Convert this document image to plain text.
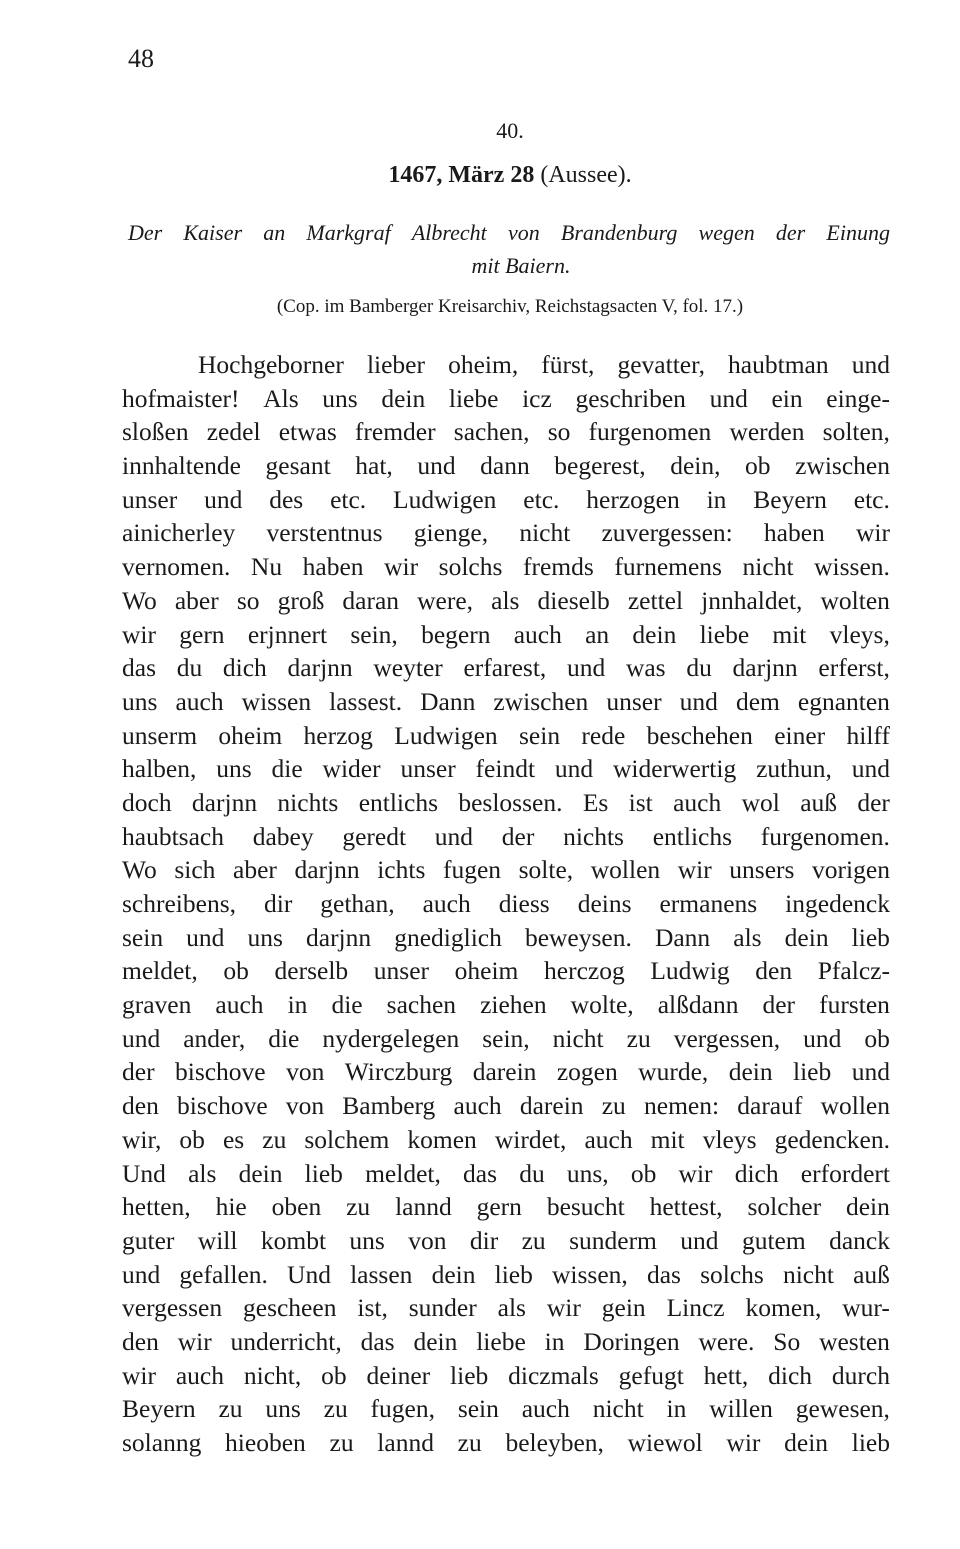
48
40.
1467, März 28 (Aussee).
Der Kaiser an Markgraf Albrecht von Brandenburg wegen der Einung
mit Baiern.
(Cop. im Bamberger Kreisarchiv, Reichstagsacten V, fol. 17.)
Hochgeborner lieber oheim, fürst, gevatter, haubtman und
hofmaister! Als uns dein liebe icz geschriben und ein einge-
sloßen zedel etwas fremder sachen, so furgenomen werden solten,
innhaltende gesant hat, und dann begerest, dein, ob zwischen
unser und des etc. Ludwigen etc. herzogen in Beyern etc.
ainicherley verstentnus gienge, nicht zuvergessen: haben wir
vernomen. Nu haben wir solchs fremds furnemens nicht wissen.
Wo aber so groß daran were, als dieselb zettel jnnhaldet, wolten
wir gern erjnnert sein, begern auch an dein liebe mit vleys,
das du dich darjnn weyter erfarest, und was du darjnn erferst,
uns auch wissen lassest. Dann zwischen unser und dem egnanten
unserm oheim herzog Ludwigen sein rede beschehen einer hilff
halben, uns die wider unser feindt und widerwertig zuthun, und
doch darjnn nichts entlichs beslossen. Es ist auch wol auß der
haubtsach dabey geredt und der nichts entlichs furgenomen.
Wo sich aber darjnn ichts fugen solte, wollen wir unsers vorigen
schreibens, dir gethan, auch diess deins ermanens ingedenck
sein und uns darjnn gnediglich beweysen. Dann als dein lieb
meldet, ob derselb unser oheim herczog Ludwig den Pfalcz-
graven auch in die sachen ziehen wolte, alßdann der fursten
und ander, die nydergelegen sein, nicht zu vergessen, und ob
der bischove von Wirczburg darein zogen wurde, dein lieb und
den bischove von Bamberg auch darein zu nemen: darauf wollen
wir, ob es zu solchem komen wirdet, auch mit vleys gedencken.
Und als dein lieb meldet, das du uns, ob wir dich erfordert
hetten, hie oben zu lannd gern besucht hettest, solcher dein
guter will kombt uns von dir zu sunderm und gutem danck
und gefallen. Und lassen dein lieb wissen, das solchs nicht auß
vergessen gescheen ist, sunder als wir gein Lincz komen, wur-
den wir underricht, das dein liebe in Doringen were. So westen
wir auch nicht, ob deiner lieb diczmals gefugt hett, dich durch
Beyern zu uns zu fugen, sein auch nicht in willen gewesen,
solanng hieoben zu lannd zu beleyben, wiewol wir dein lieb
